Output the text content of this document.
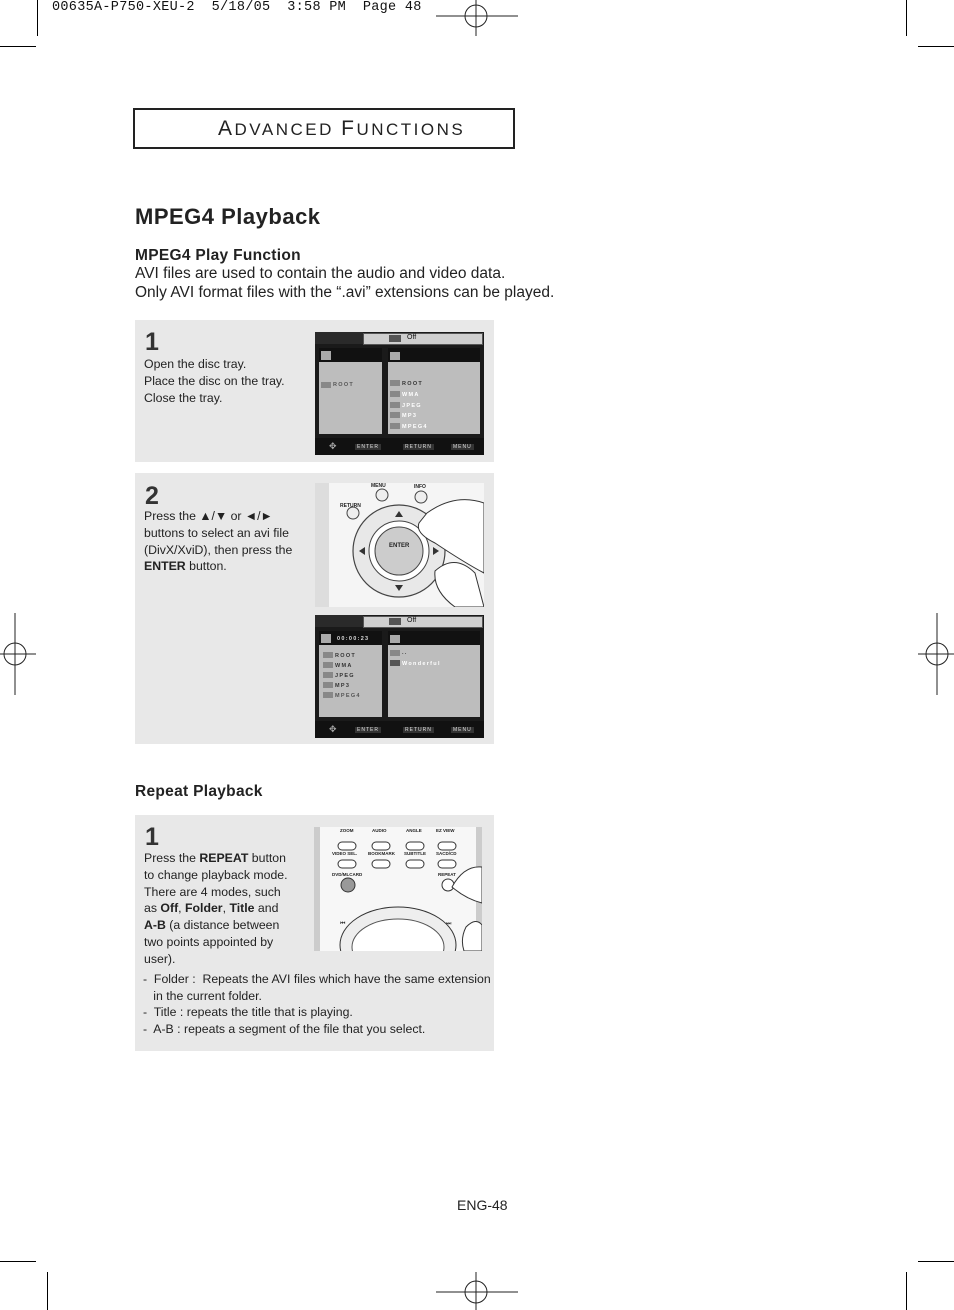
00635A-P750-XEU-2  5/18/05  3:58 PM  Page 48
ADVANCED FUNCTIONS
MPEG4 Playback
MPEG4 Play Function
AVI files are used to contain the audio and video data.
Only AVI format files with the “.avi” extensions can be played.
1
Open the disc tray.
Place the disc on the tray.
Close the tray.
Off
ROOT	ROOT
WMA
JPEG
MP3
MPEG4
✥	ENTER	RETURN	MENU
2
Press the ▲/▼ or ◄/►
buttons to select an avi file
(DivX/XviD), then press the
ENTER button.
MENU	INFO
RETURN
ENTER
Off
00:00:23
ROOT
WMA
JPEG
MP3
MPEG4
..
Wonderful
✥	ENTER	RETURN	MENU
Repeat Playback
1
Press the REPEAT button
to change playback mode.
There are 4 modes, such
as Off, Folder, Title and
A-B (a distance between
two points appointed by
user).
-  Folder :  Repeats the AVI files which have the same extension
in the current folder.
-  Title : repeats the title that is playing.
-  A-B : repeats a segment of the file that you select.
⏮	⏭
ZOOM	AUDIO	ANGLE	EZ VIEW
VIDEO SEL. BOOKMARK SUBTITLE SACD/CD
DVD/MLCARD	REPEAT
ENG-48
